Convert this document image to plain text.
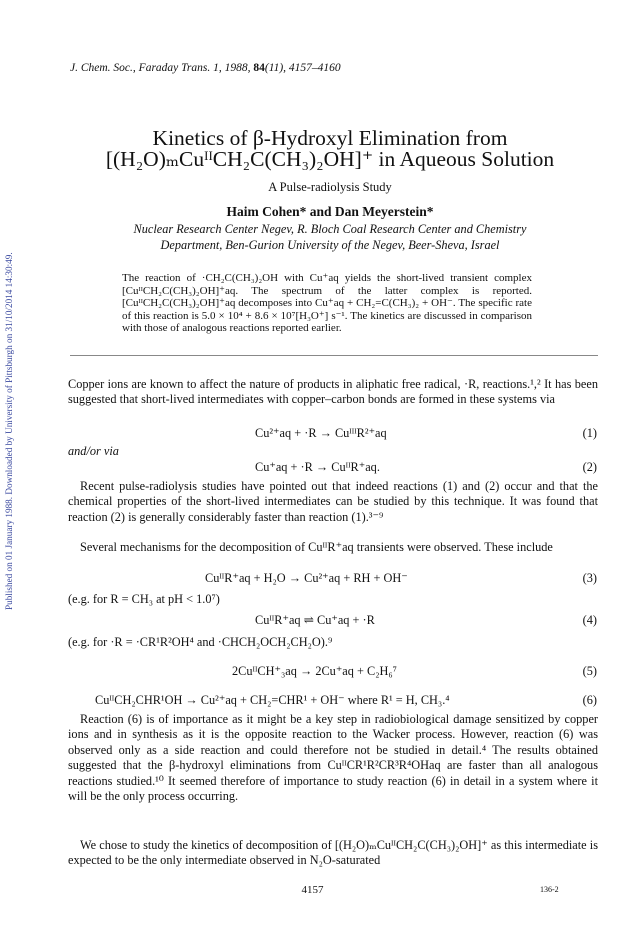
Published on 01 January 1988. Downloaded by University of Pittsburgh on 31/10/2014 14:30:49.
J. Chem. Soc., Faraday Trans. 1, 1988, 84(11), 4157–4160
Kinetics of β-Hydroxyl Elimination from
[(H₂O)ₘCuᴵᴵCH₂C(CH₃)₂OH]⁺ in Aqueous Solution
A Pulse-radiolysis Study
Haim Cohen* and Dan Meyerstein*
Nuclear Research Center Negev, R. Bloch Coal Research Center and Chemistry
Department, Ben-Gurion University of the Negev, Beer-Sheva, Israel
The reaction of ·CH₂C(CH₃)₂OH with Cu⁺aq yields the short-lived transient complex [CuᴵᴵCH₂C(CH₃)₂OH]⁺aq. The spectrum of the latter complex is reported. [CuᴵᴵCH₂C(CH₃)₂OH]⁺aq decomposes into Cu⁺aq + CH₂=C(CH₃)₂ + OH⁻. The specific rate of this reaction is 5.0 × 10⁴ + 8.6 × 10⁷[H₃O⁺] s⁻¹. The kinetics are discussed in comparison with those of analogous reactions reported earlier.
Copper ions are known to affect the nature of products in aliphatic free radical, ·R, reactions.¹,² It has been suggested that short-lived intermediates with copper–carbon bonds are formed in these systems via
Cu²⁺aq + ·R → CuᴵᴵᴵR²⁺aq	(1)
and/or via
Cu⁺aq + ·R → CuᴵᴵR⁺aq.	(2)
Recent pulse-radiolysis studies have pointed out that indeed reactions (1) and (2) occur and that the chemical properties of the short-lived intermediates can be studied by this technique. It was found that reaction (2) is generally considerably faster than reaction (1).³⁻⁹
Several mechanisms for the decomposition of CuᴵᴵR⁺aq transients were observed. These include
CuᴵᴵR⁺aq + H₂O → Cu²⁺aq + RH + OH⁻	(3)
(e.g. for R = CH₃ at pH < 1.0⁷)
CuᴵᴵR⁺aq ⇌ Cu⁺aq + ·R	(4)
(e.g. for ·R = ·CR¹R²OH⁴ and ·CHCH₂OCH₂CH₂O).⁹
2CuᴵᴵCH⁺₃aq → 2Cu⁺aq + C₂H₆⁷	(5)
CuᴵᴵCH₂CHR¹OH → Cu²⁺aq + CH₂=CHR¹ + OH⁻ where R¹ = H, CH₃.⁴	(6)
Reaction (6) is of importance as it might be a key step in radiobiological damage sensitized by copper ions and in synthesis as it is the opposite reaction to the Wacker process. However, reaction (6) was observed only as a side reaction and could therefore not be studied in detail.⁴ The results obtained suggested that the β-hydroxyl eliminations from CuᴵᴵCR¹R²CR³R⁴OHaq are faster than all analogous reactions studied.¹⁰ It seemed therefore of importance to study reaction (6) in detail in a system where it will be the only process occurring.
We chose to study the kinetics of decomposition of [(H₂O)ₘCuᴵᴵCH₂C(CH₃)₂OH]⁺ as this intermediate is expected to be the only intermediate observed in N₂O-saturated
4157	136-2
